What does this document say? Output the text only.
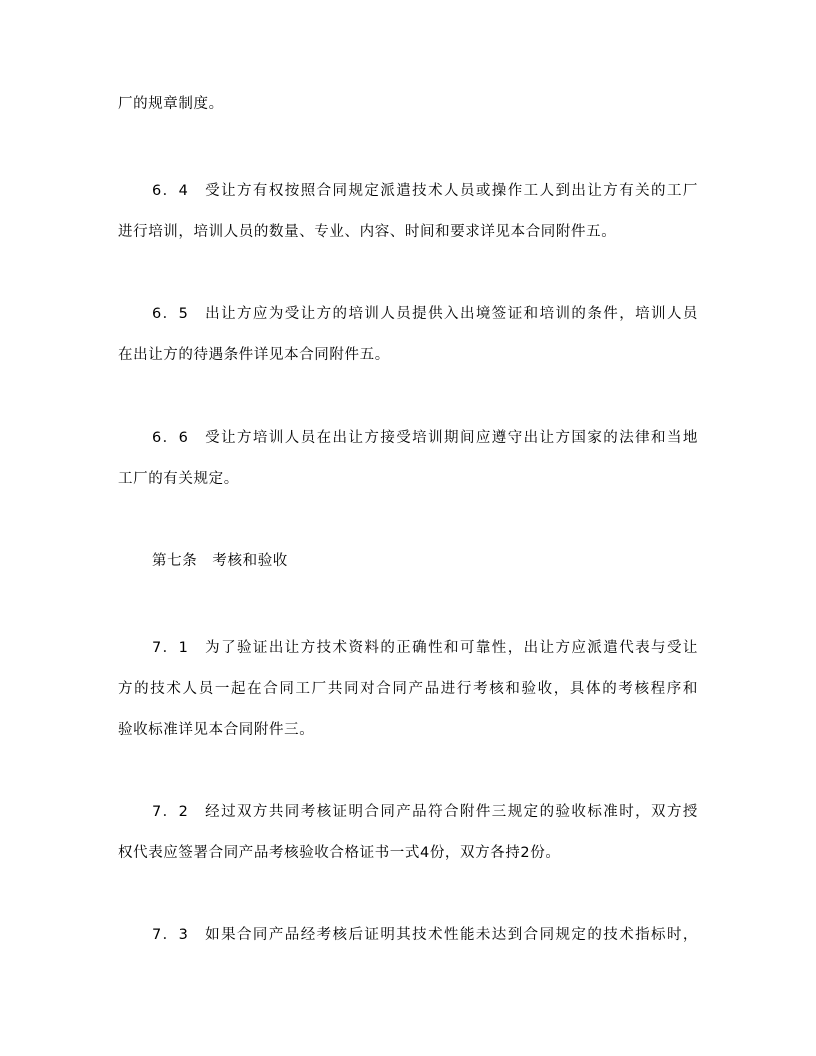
厂的规章制度。
6．4　受让方有权按照合同规定派遣技术人员或操作工人到出让方有关的工厂
进行培训，培训人员的数量、专业、内容、时间和要求详见本合同附件五。
6．5　出让方应为受让方的培训人员提供入出境签证和培训的条件，培训人员
在出让方的待遇条件详见本合同附件五。
6．6　受让方培训人员在出让方接受培训期间应遵守出让方国家的法律和当地
工厂的有关规定。
第七条　考核和验收
7．1　为了验证出让方技术资料的正确性和可靠性，出让方应派遣代表与受让
方的技术人员一起在合同工厂共同对合同产品进行考核和验收，具体的考核程序和
验收标准详见本合同附件三。
7．2　经过双方共同考核证明合同产品符合附件三规定的验收标准时，双方授
权代表应签署合同产品考核验收合格证书一式4份，双方各持2份。
7．3　如果合同产品经考核后证明其技术性能未达到合同规定的技术指标时，
